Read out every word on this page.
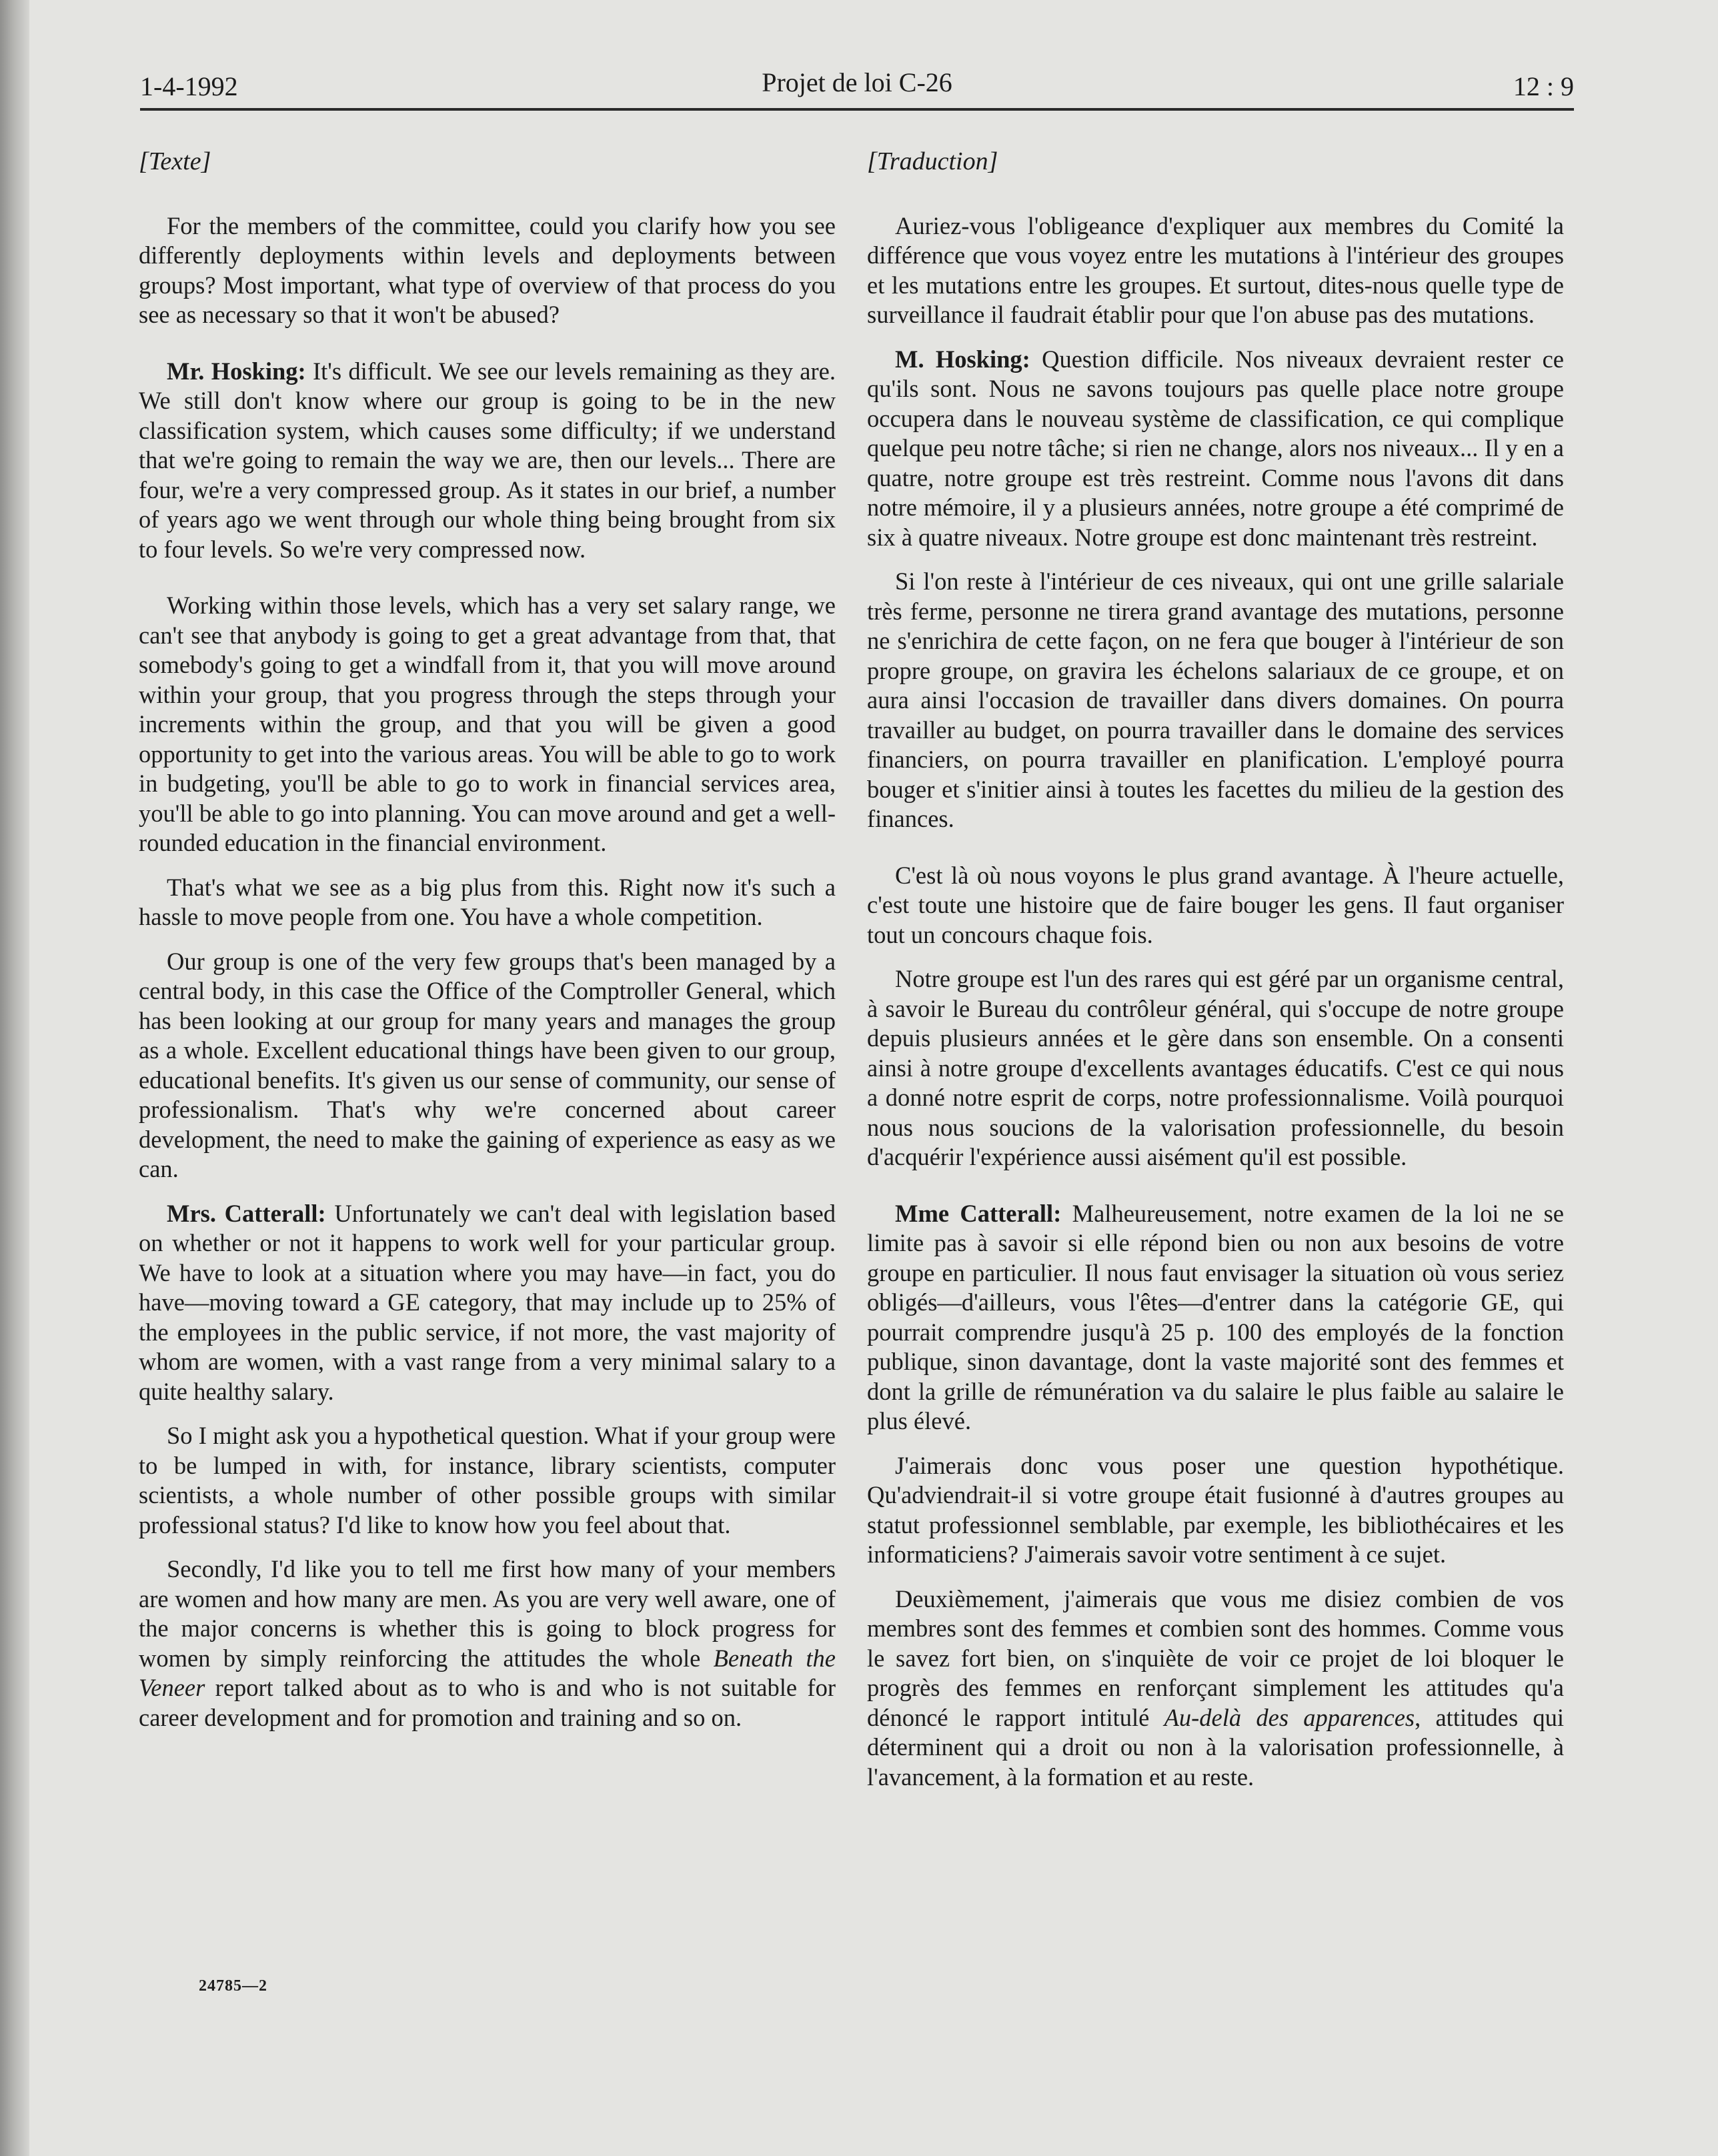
1-4-1992	Projet de loi C-26	12 : 9

[Texte]

For the members of the committee, could you clarify how you see differently deployments within levels and deployments between groups? Most important, what type of overview of that process do you see as necessary so that it won't be abused?

Mr. Hosking: It's difficult. We see our levels remaining as they are. We still don't know where our group is going to be in the new classification system, which causes some difficulty; if we understand that we're going to remain the way we are, then our levels... There are four, we're a very compressed group. As it states in our brief, a number of years ago we went through our whole thing being brought from six to four levels. So we're very compressed now.

Working within those levels, which has a very set salary range, we can't see that anybody is going to get a great advantage from that, that somebody's going to get a windfall from it, that you will move around within your group, that you progress through the steps through your increments within the group, and that you will be given a good opportunity to get into the various areas. You will be able to go to work in budgeting, you'll be able to go to work in financial services area, you'll be able to go into planning. You can move around and get a well-rounded education in the financial environment.

That's what we see as a big plus from this. Right now it's such a hassle to move people from one. You have a whole competition.

Our group is one of the very few groups that's been managed by a central body, in this case the Office of the Comptroller General, which has been looking at our group for many years and manages the group as a whole. Excellent educational things have been given to our group, educational benefits. It's given us our sense of community, our sense of professionalism. That's why we're concerned about career development, the need to make the gaining of experience as easy as we can.

Mrs. Catterall: Unfortunately we can't deal with legislation based on whether or not it happens to work well for your particular group. We have to look at a situation where you may have—in fact, you do have—moving toward a GE category, that may include up to 25% of the employees in the public service, if not more, the vast majority of whom are women, with a vast range from a very minimal salary to a quite healthy salary.

So I might ask you a hypothetical question. What if your group were to be lumped in with, for instance, library scientists, computer scientists, a whole number of other possible groups with similar professional status? I'd like to know how you feel about that.

Secondly, I'd like you to tell me first how many of your members are women and how many are men. As you are very well aware, one of the major concerns is whether this is going to block progress for women by simply reinforcing the attitudes the whole Beneath the Veneer report talked about as to who is and who is not suitable for career development and for promotion and training and so on.

[Traduction]

Auriez-vous l'obligeance d'expliquer aux membres du Comité la différence que vous voyez entre les mutations à l'intérieur des groupes et les mutations entre les groupes. Et surtout, dites-nous quelle type de surveillance il faudrait établir pour que l'on abuse pas des mutations.

M. Hosking: Question difficile. Nos niveaux devraient rester ce qu'ils sont. Nous ne savons toujours pas quelle place notre groupe occupera dans le nouveau système de classification, ce qui complique quelque peu notre tâche; si rien ne change, alors nos niveaux... Il y en a quatre, notre groupe est très restreint. Comme nous l'avons dit dans notre mémoire, il y a plusieurs années, notre groupe a été comprimé de six à quatre niveaux. Notre groupe est donc maintenant très restreint.

Si l'on reste à l'intérieur de ces niveaux, qui ont une grille salariale très ferme, personne ne tirera grand avantage des mutations, personne ne s'enrichira de cette façon, on ne fera que bouger à l'intérieur de son propre groupe, on gravira les échelons salariaux de ce groupe, et on aura ainsi l'occasion de travailler dans divers domaines. On pourra travailler au budget, on pourra travailler dans le domaine des services financiers, on pourra travailler en planification. L'employé pourra bouger et s'initier ainsi à toutes les facettes du milieu de la gestion des finances.

C'est là où nous voyons le plus grand avantage. À l'heure actuelle, c'est toute une histoire que de faire bouger les gens. Il faut organiser tout un concours chaque fois.

Notre groupe est l'un des rares qui est géré par un organisme central, à savoir le Bureau du contrôleur général, qui s'occupe de notre groupe depuis plusieurs années et le gère dans son ensemble. On a consenti ainsi à notre groupe d'excellents avantages éducatifs. C'est ce qui nous a donné notre esprit de corps, notre professionnalisme. Voilà pourquoi nous nous soucions de la valorisation professionnelle, du besoin d'acquérir l'expérience aussi aisément qu'il est possible.

Mme Catterall: Malheureusement, notre examen de la loi ne se limite pas à savoir si elle répond bien ou non aux besoins de votre groupe en particulier. Il nous faut envisager la situation où vous seriez obligés—d'ailleurs, vous l'êtes—d'entrer dans la catégorie GE, qui pourrait comprendre jusqu'à 25 p. 100 des employés de la fonction publique, sinon davantage, dont la vaste majorité sont des femmes et dont la grille de rémunération va du salaire le plus faible au salaire le plus élevé.

J'aimerais donc vous poser une question hypothétique. Qu'adviendrait-il si votre groupe était fusionné à d'autres groupes au statut professionnel semblable, par exemple, les bibliothécaires et les informaticiens? J'aimerais savoir votre sentiment à ce sujet.

Deuxièmement, j'aimerais que vous me disiez combien de vos membres sont des femmes et combien sont des hommes. Comme vous le savez fort bien, on s'inquiète de voir ce projet de loi bloquer le progrès des femmes en renforçant simplement les attitudes qu'a dénoncé le rapport intitulé Au-delà des apparences, attitudes qui déterminent qui a droit ou non à la valorisation professionnelle, à l'avancement, à la formation et au reste.

24785—2
